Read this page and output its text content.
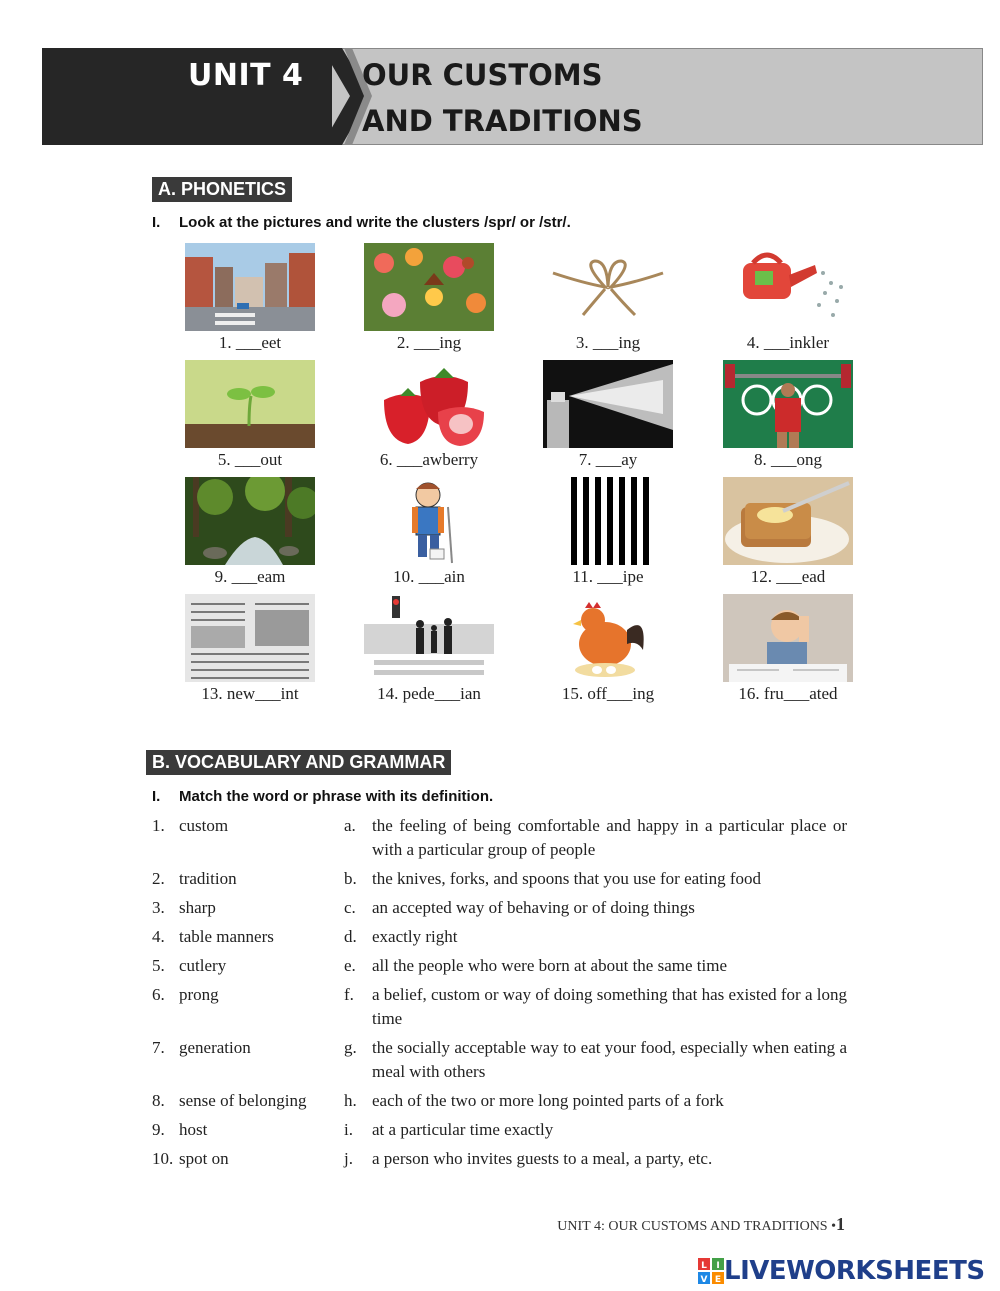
UNIT 4 OUR CUSTOMS
AND TRADITIONS
A. PHONETICS
I. Look at the pictures and write the clusters /spr/ or /str/.
1. ___eet	2. ___ing	3. ___ing	4. ___inkler
5. ___out	6. ___awberry	7. ___ay	8. ___ong
9. ___eam	10. ___ain	11. ___ipe	12. ___ead
13. new___int	14. pede___ian	15. off___ing	16. fru___ated
B. VOCABULARY AND GRAMMAR
I. Match the word or phrase with its definition.
1. custom	a. the feeling of being comfortable and happy in a particular place or with a particular group of people
2. tradition	b. the knives, forks, and spoons that you use for eating food
3. sharp	c. an accepted way of behaving or of doing things
4. table manners	d. exactly right
5. cutlery	e. all the people who were born at about the same time
6. prong	f.	a belief, custom or way of doing something that has existed for a long time
7. generation	g. the socially acceptable way to eat your food, especially when eating a meal with others
8. sense of belonging	h. each of the two or more long pointed parts of a fork
9. host	i.	at a particular time exactly
10. spot on	j.	a person who invites guests to a meal, a party, etc.
UNIT 4: OUR CUSTOMS AND TRADITIONS •1
L I
V E LIVEWORKSHEETS
